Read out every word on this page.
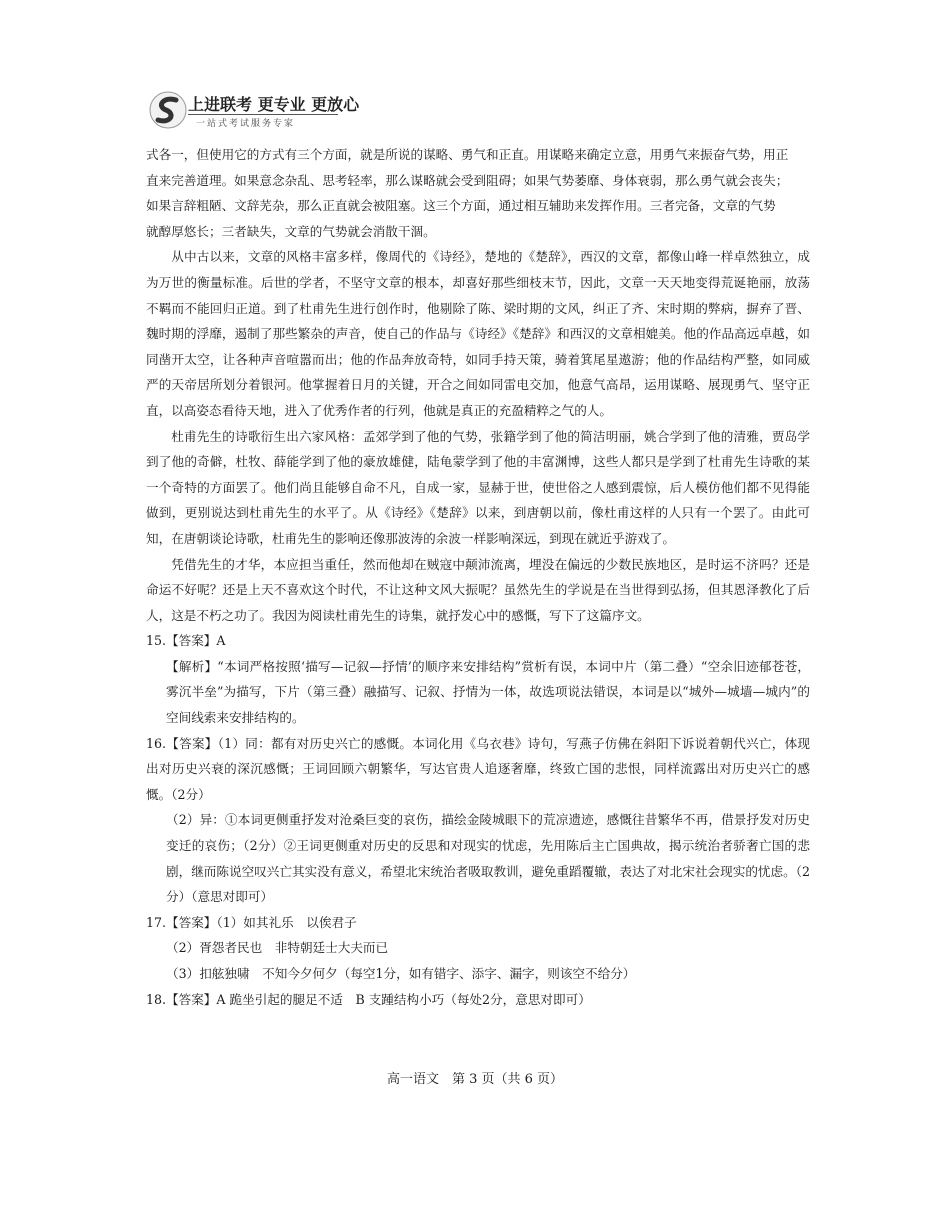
上进联考 更专业 更放心
一站式考试服务专家

式各一，但使用它的方式有三个方面，就是所说的谋略、勇气和正直。用谋略来确定立意，用勇气来振奋气势，用正

直来完善道理。如果意念杂乱、思考轻率，那么谋略就会受到阻碍；如果气势萎靡、身体衰弱，那么勇气就会丧失；

如果言辞粗陋、文辞芜杂，那么正直就会被阻塞。这三个方面，通过相互辅助来发挥作用。三者完备，文章的气势

就醇厚悠长；三者缺失，文章的气势就会消散干涸。

从中古以来，文章的风格丰富多样，像周代的《诗经》，楚地的《楚辞》，西汉的文章，都像山峰一样卓然独立，成为万世的衡量标准。后世的学者，不坚守文章的根本，却喜好那些细枝末节，因此，文章一天天地变得荒诞艳丽，放荡不羁而不能回归正道。到了杜甫先生进行创作时，他剔除了陈、梁时期的文风，纠正了齐、宋时期的弊病，摒弃了晋、魏时期的浮靡，遏制了那些繁杂的声音，使自己的作品与《诗经》《楚辞》和西汉的文章相媲美。他的作品高远卓越，如同凿开太空，让各种声音喧嚣而出；他的作品奔放奇特，如同手持天策，骑着箕尾星遨游；他的作品结构严整，如同威严的天帝居所划分着银河。他掌握着日月的关键，开合之间如同雷电交加，他意气高昂，运用谋略、展现勇气、坚守正直，以高姿态看待天地，进入了优秀作者的行列，他就是真正的充盈精粹之气的人。

杜甫先生的诗歌衍生出六家风格：孟郊学到了他的气势，张籍学到了他的简洁明丽，姚合学到了他的清雅，贾岛学到了他的奇僻，杜牧、薛能学到了他的豪放雄健，陆龟蒙学到了他的丰富渊博，这些人都只是学到了杜甫先生诗歌的某一个奇特的方面罢了。他们尚且能够自命不凡，自成一家，显赫于世，使世俗之人感到震惊，后人模仿他们都不见得能做到，更别说达到杜甫先生的水平了。从《诗经》《楚辞》以来，到唐朝以前，像杜甫这样的人只有一个罢了。由此可知，在唐朝谈论诗歌，杜甫先生的影响还像那波涛的余波一样影响深远，到现在就近乎游戏了。

凭借先生的才华，本应担当重任，然而他却在贼寇中颠沛流离，埋没在偏远的少数民族地区，是时运不济吗？还是命运不好呢？还是上天不喜欢这个时代，不让这种文风大振呢？虽然先生的学说是在当世得到弘扬，但其恩泽教化了后人，这是不朽之功了。我因为阅读杜甫先生的诗集，就抒发心中的感慨，写下了这篇序文。

15.【答案】A

【解析】“本词严格按照‘描写—记叙—抒情’的顺序来安排结构”赏析有误，本词中片（第二叠）“空余旧迹郁苍苍，雾沉半垒”为描写，下片（第三叠）融描写、记叙、抒情为一体，故选项说法错误，本词是以“城外—城墙—城内”的空间线索来安排结构的。

16.【答案】（1）同：都有对历史兴亡的感慨。本词化用《乌衣巷》诗句，写燕子仿佛在斜阳下诉说着朝代兴亡，体现出对历史兴衰的深沉感慨；王词回顾六朝繁华，写达官贵人追逐奢靡，终致亡国的悲恨，同样流露出对历史兴亡的感慨。（2分）

（2）异：①本词更侧重抒发对沧桑巨变的哀伤，描绘金陵城眼下的荒凉遗迹，感慨往昔繁华不再，借景抒发对历史变迁的哀伤；（2分）②王词更侧重对历史的反思和对现实的忧虑，先用陈后主亡国典故，揭示统治者骄奢亡国的悲剧，继而陈说空叹兴亡其实没有意义，希望北宋统治者吸取教训，避免重蹈覆辙，表达了对北宋社会现实的忧虑。（2分）（意思对即可）

17.【答案】（1）如其礼乐　以俟君子

（2）胥怨者民也　非特朝廷士大夫而已

（3）扣舷独啸　不知今夕何夕（每空1分，如有错字、添字、漏字，则该空不给分）

18.【答案】A 跪坐引起的腿足不适　B 支踵结构小巧（每处2分，意思对即可）

高一语文　第 3 页（共 6 页）
